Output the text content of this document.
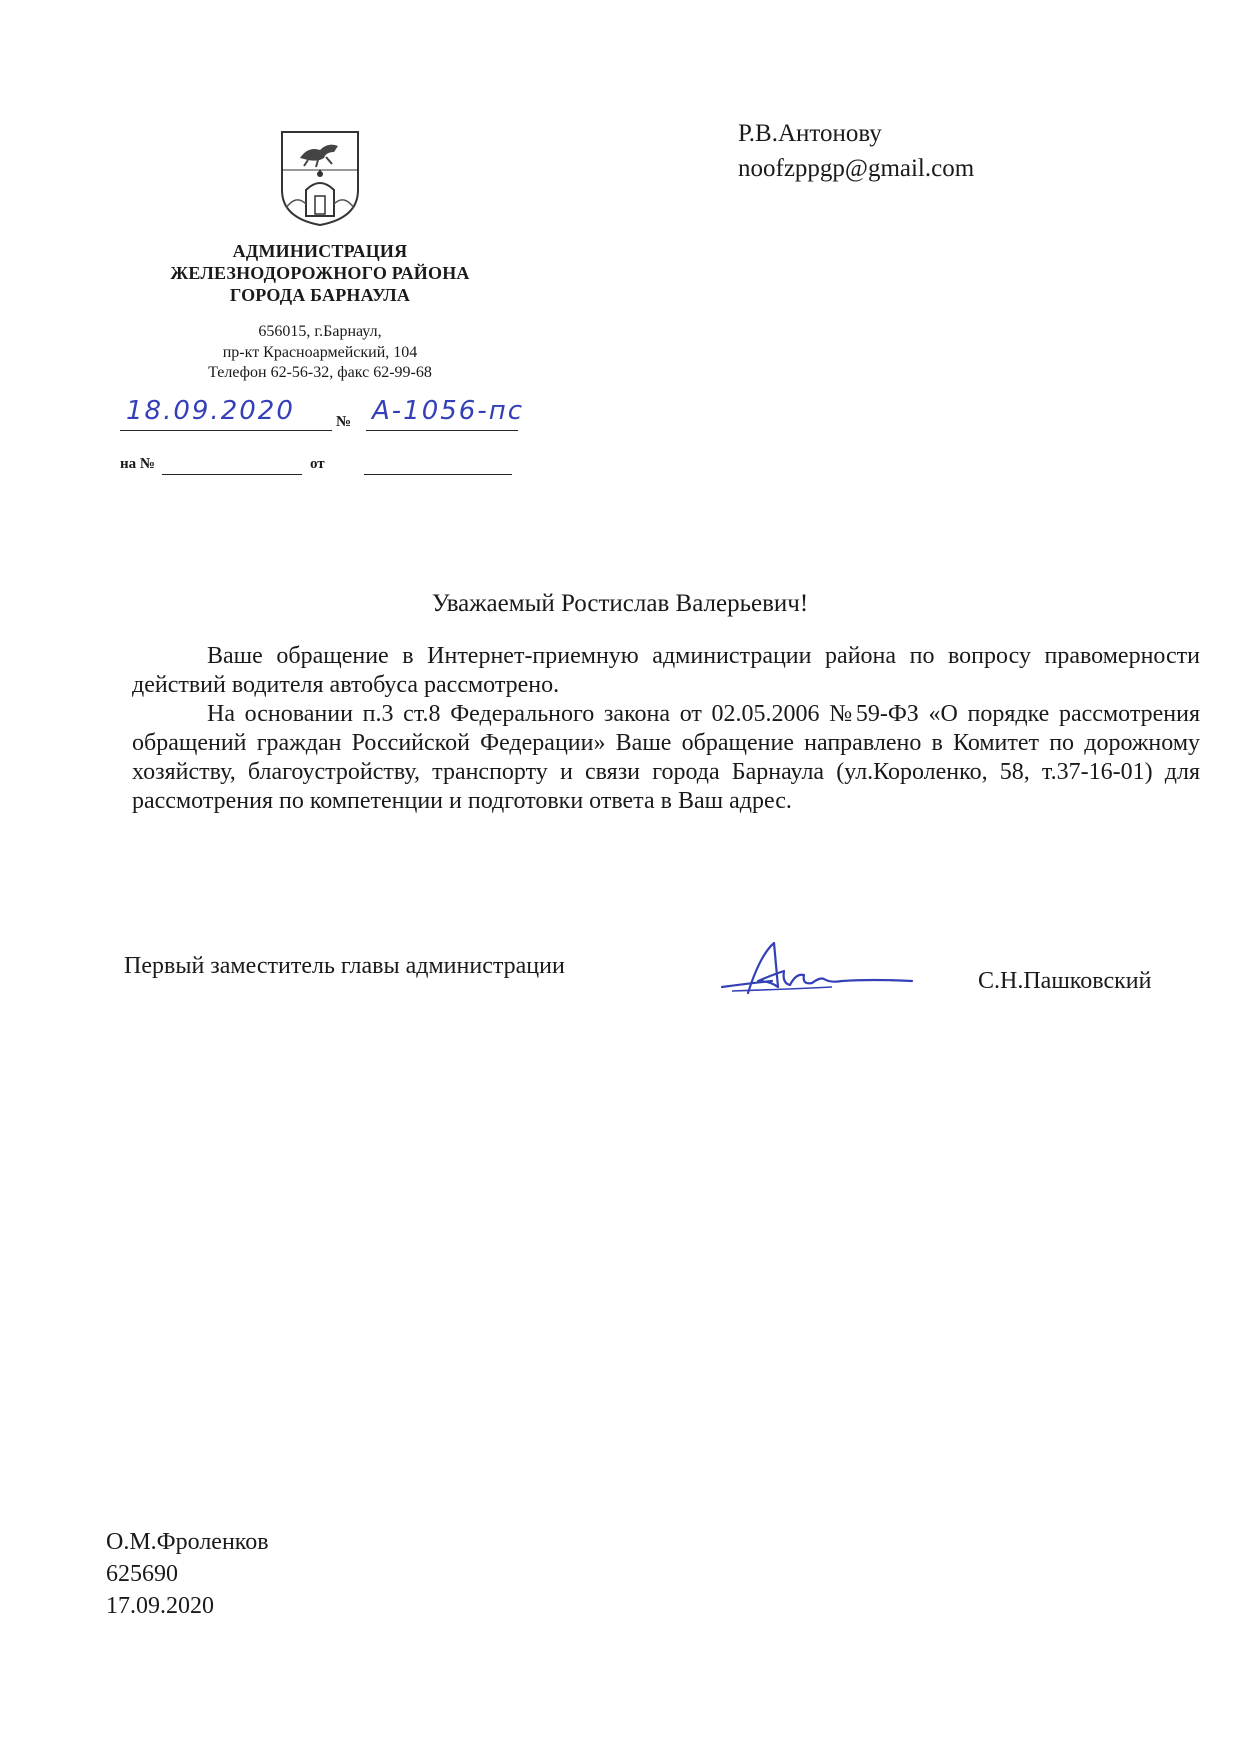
АДМИНИСТРАЦИЯ
ЖЕЛЕЗНОДОРОЖНОГО РАЙОНА
ГОРОДА БАРНАУЛА
656015, г.Барнаул,
пр-кт Красноармейский, 104
Телефон 62-56-32, факс 62-99-68
18.09.2020	№ А-1056-пс
на №	от
Р.В.Антонову
noofzppgp@gmail.com
Уважаемый Ростислав Валерьевич!

Ваше обращение в Интернет-приемную администрации района по вопросу правомерности действий водителя автобуса рассмотрено.

На основании п.3 ст.8 Федерального закона от 02.05.2006 №59-ФЗ «О порядке рассмотрения обращений граждан Российской Федерации» Ваше обращение направлено в Комитет по дорожному хозяйству, благоустройству, транспорту и связи города Барнаула (ул.Короленко, 58, т.37-16-01) для рассмотрения по компетенции и подготовки ответа в Ваш адрес.

Первый заместитель главы администрации
С.Н.Пашковский
О.М.Фроленков
625690
17.09.2020
